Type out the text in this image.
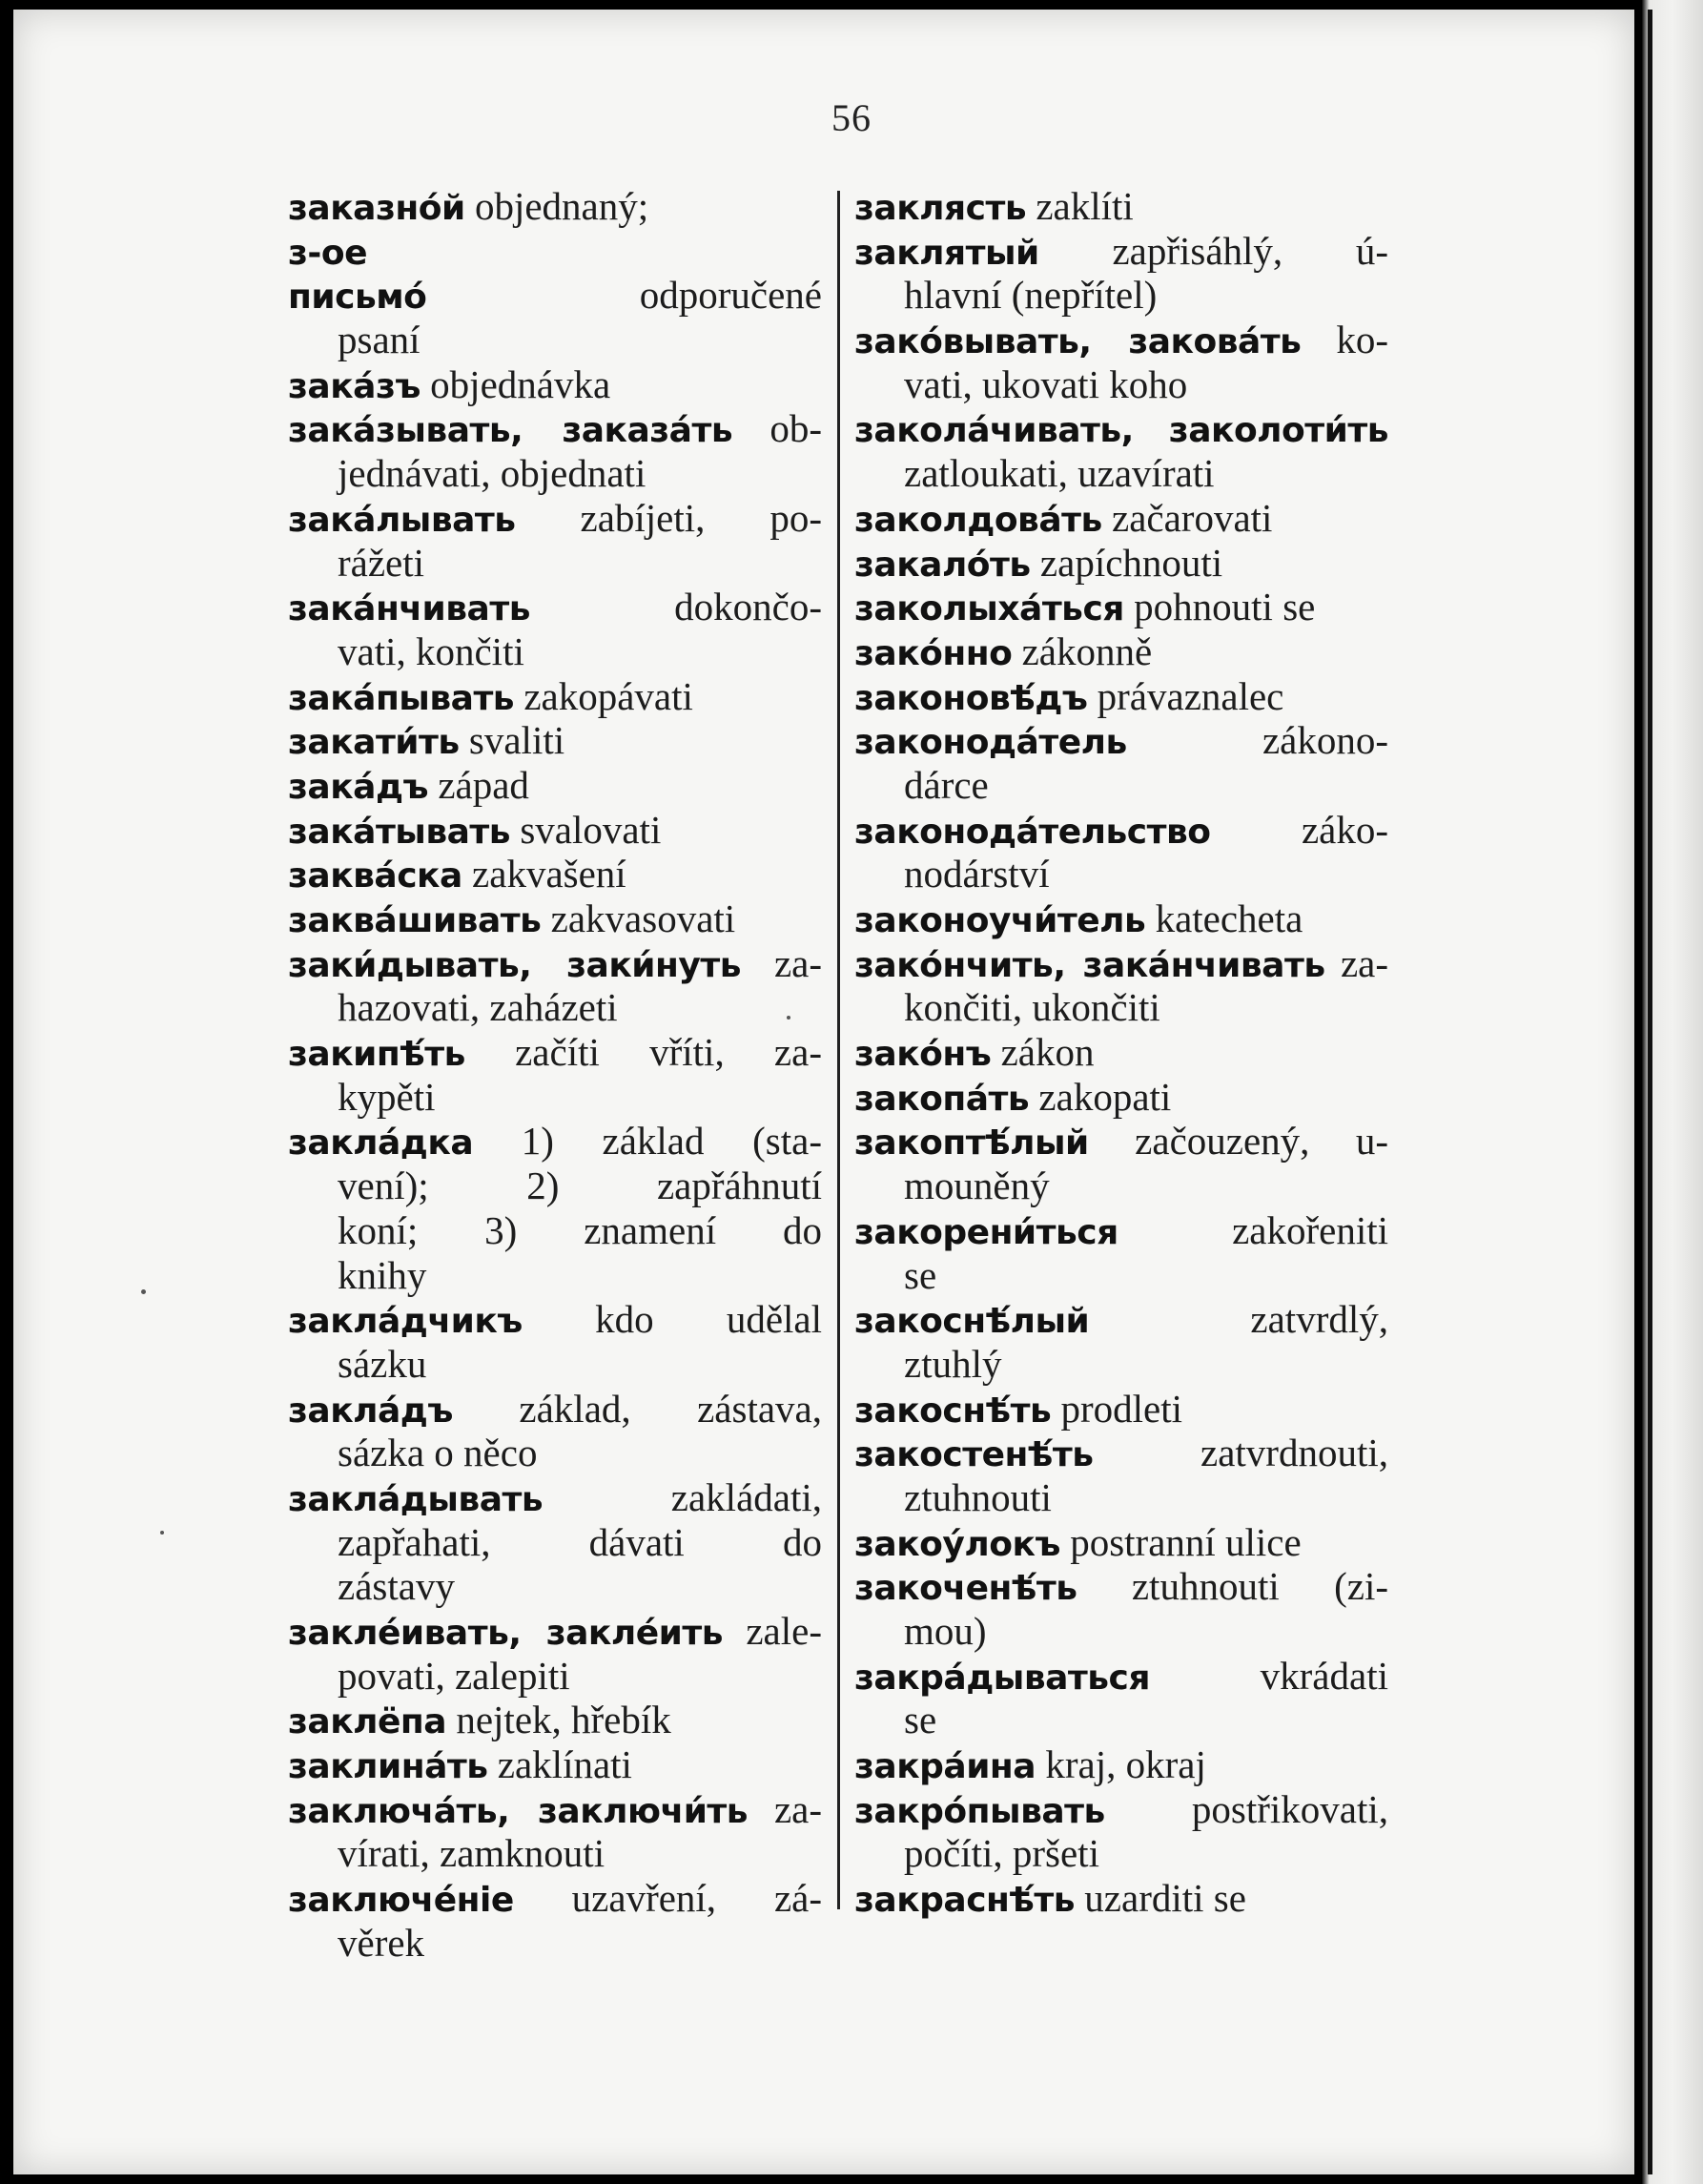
56
заказнóй objednaný;
з-ое
письмó odporučené
psaní
закáзъ objednávka
закáзывать, заказáть ob-
jednávati, objednati
закáлывать zabíjeti, po-
rážeti
закáнчивать dokončo-
vati, končiti
закáпывать zakopávati
закати́ть svaliti
закáдъ západ
закáтывать svalovati
заквáска zakvašení
заквáшивать zakvasovati
заки́дывать, заки́нуть za-
hazovati, zaházeti
закипѣ́ть začíti vříti, za-
kypěti
заклáдка 1) základ (sta-
vení); 2) zapřáhnutí
koní; 3) znamení do
knihy
заклáдчикъ kdo udělal
sázku
заклáдъ základ, zástava,
sázka o něco
заклáдывать zakládati,
zapřahati, dávati do
zástavy
заклéивать, заклéить zale-
povati, zalepiti
заклёпа nejtek, hřebík
заклинáть zaklínati
заключáть, заключи́ть za-
vírati, zamknouti
заключéніе uzavření, zá-
věrek
заклясть zaklíti
заклятый zapřisáhlý, ú-
hlavní (nepřítel)
закóвывать, заковáть ko-
vati, ukovati koho
заколáчивать, заколоти́ть
zatloukati, uzavírati
заколдовáть začarovati
закалóть zapíchnouti
заколыхáться pohnouti se
закóнно zákonně
законовѣ́дъ právaznalec
законодáтель zákono-
dárce
законодáтельство záko-
nodárství
законоучи́тель katecheta
закóнчить, закáнчивать za-
končiti, ukončiti
закóнъ zákon
закопáть zakopati
закоптѣ́лый začouzený, u-
mouněný
закорени́ться zakořeniti
se
закоснѣ́лый zatvrdlý,
ztuhlý
закоснѣ́ть prodleti
закостенѣ́ть zatvrdnouti,
ztuhnouti
закоýлокъ postranní ulice
закоченѣ́ть ztuhnouti (zi-
mou)
закрáдываться vkrádati
se
закрáина kraj, okraj
закрóпывать postřikovati,
počíti, pršeti
закраснѣ́ть uzarditi se
